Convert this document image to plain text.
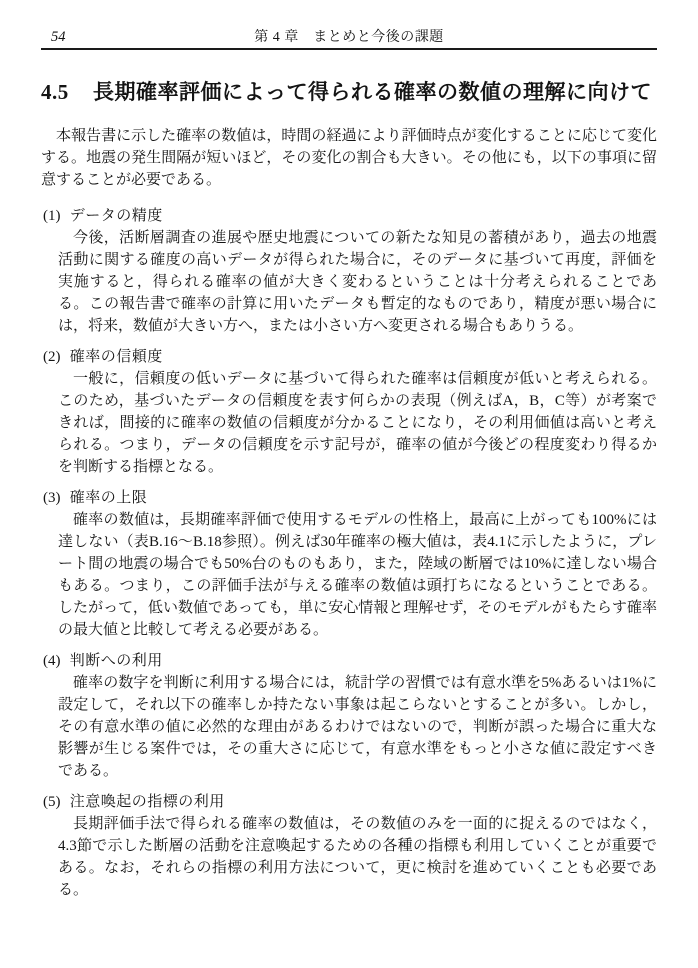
54	第 4 章　まとめと今後の課題
4.5 長期確率評価によって得られる確率の数値の理解に向けて

本報告書に示した確率の数値は，時間の経過により評価時点が変化することに応じて変化する。地震の発生間隔が短いほど，その変化の割合も大きい。その他にも，以下の事項に留意することが必要である。

(1) データの精度

今後，活断層調査の進展や歴史地震についての新たな知見の蓄積があり，過去の地震活動に関する確度の高いデータが得られた場合に，そのデータに基づいて再度，評価を実施すると，得られる確率の値が大きく変わるということは十分考えられることである。この報告書で確率の計算に用いたデータも暫定的なものであり，精度が悪い場合には，将来，数値が大きい方へ，または小さい方へ変更される場合もありうる。

(2) 確率の信頼度

一般に，信頼度の低いデータに基づいて得られた確率は信頼度が低いと考えられる。このため，基づいたデータの信頼度を表す何らかの表現（例えばA，B，C等）が考案できれば，間接的に確率の数値の信頼度が分かることになり，その利用価値は高いと考えられる。つまり，データの信頼度を示す記号が，確率の値が今後どの程度変わり得るかを判断する指標となる。

(3) 確率の上限

確率の数値は，長期確率評価で使用するモデルの性格上，最高に上がっても100%には達しない（表B.16〜B.18参照）。例えば30年確率の極大値は，表4.1に示したように，プレート間の地震の場合でも50%台のものもあり，また，陸域の断層では10%に達しない場合もある。つまり，この評価手法が与える確率の数値は頭打ちになるということである。したがって，低い数値であっても，単に安心情報と理解せず，そのモデルがもたらす確率の最大値と比較して考える必要がある。

(4) 判断への利用

確率の数字を判断に利用する場合には，統計学の習慣では有意水準を5%あるいは1%に設定して，それ以下の確率しか持たない事象は起こらないとすることが多い。しかし，その有意水準の値に必然的な理由があるわけではないので，判断が誤った場合に重大な影響が生じる案件では，その重大さに応じて，有意水準をもっと小さな値に設定すべきである。

(5) 注意喚起の指標の利用

長期評価手法で得られる確率の数値は，その数値のみを一面的に捉えるのではなく，4.3節で示した断層の活動を注意喚起するための各種の指標も利用していくことが重要である。なお，それらの指標の利用方法について，更に検討を進めていくことも必要である。
